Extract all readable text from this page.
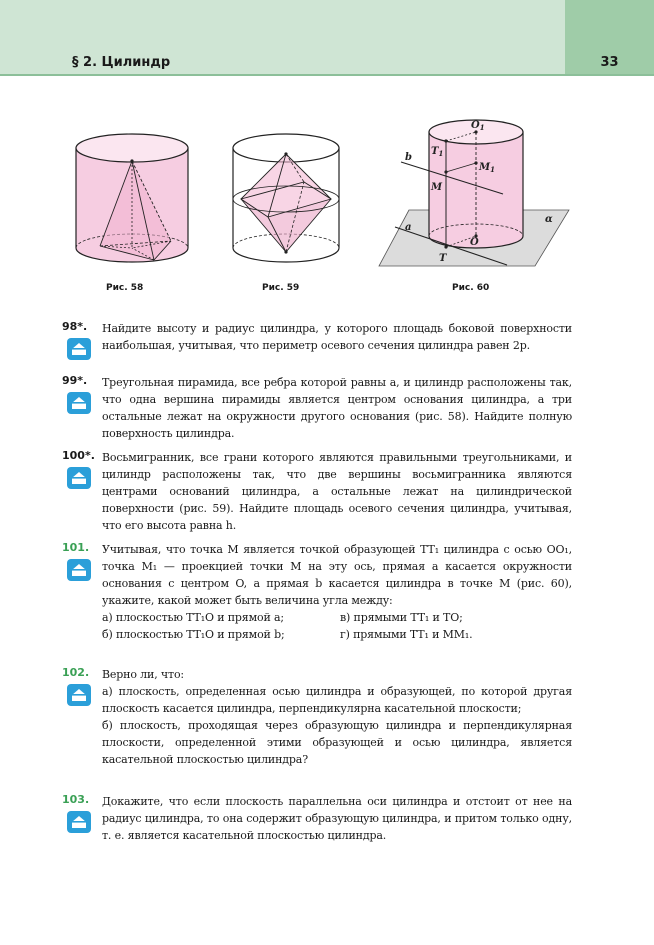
§ 2. Цилиндр	33
Рис. 58	Рис. 59
$O_1$
$T_1$
$M_1$
M
O
T
b
a
α
Рис. 60
98*. Найдите высоту и радиус цилиндра, у которого площадь боковой поверхности наибольшая, учитывая, что периметр осевого сечения цилиндра равен 2p.

99*. Треугольная пирамида, все ребра которой равны a, и цилиндр расположены так, что одна вершина пирамиды является центром основания цилиндра, а три остальные лежат на окружности другого основания (рис. 58). Найдите полную поверхность цилиндра.

100*. Восьмигранник, все грани которого являются правильными треугольниками, и цилиндр расположены так, что две вершины восьмигранника являются центрами оснований цилиндра, а остальные лежат на цилиндрической поверхности (рис. 59). Найдите площадь осевого сечения цилиндра, учитывая, что его высота равна h.

101. Учитывая, что точка M является точкой образующей TT₁ цилиндра с осью OO₁, точка M₁ — проекцией точки M на эту ось, прямая a касается окружности основания с центром O, а прямая b касается цилиндра в точке M (рис. 60), укажите, какой может быть величина угла между:

а) плоскостью TT₁O и прямой a;	в) прямыми TT₁ и TO;
б) плоскостью TT₁O и прямой b;	г) прямыми TT₁ и MM₁.
102. Верно ли, что:

а) плоскость, определенная осью цилиндра и образующей, по которой другая плоскость касается цилиндра, перпендикулярна касательной плоскости;

б) плоскость, проходящая через образующую цилиндра и перпендикулярная плоскости, определенной этими образующей и осью цилиндра, является касательной плоскостью цилиндра?

103. Докажите, что если плоскость параллельна оси цилиндра и отстоит от нее на радиус цилиндра, то она содержит образующую цилиндра, и притом только одну, т. е. является касательной плоскостью цилиндра.
